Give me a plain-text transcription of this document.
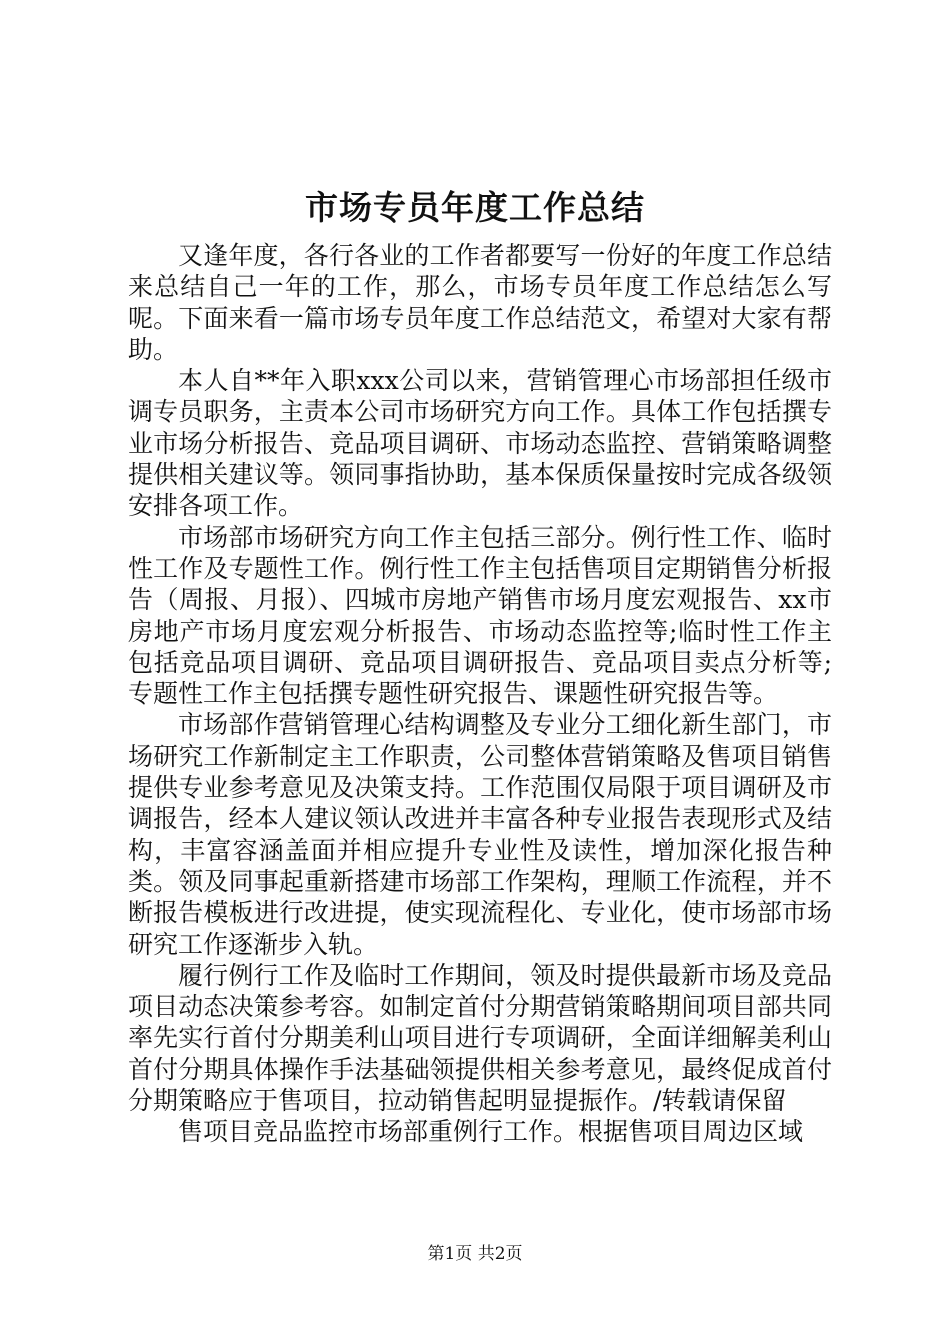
市场专员年度工作总结

又逢年度，各行各业的工作者都要写一份好的年度工作总结来总结自己一年的工作，那么，市场专员年度工作总结怎么写呢。下面来看一篇市场专员年度工作总结范文，希望对大家有帮助。

本人自**年入职xxx公司以来，营销管理心市场部担任级市调专员职务，主责本公司市场研究方向工作。具体工作包括撰专业市场分析报告、竞品项目调研、市场动态监控、营销策略调整提供相关建议等。领同事指协助，基本保质保量按时完成各级领安排各项工作。

市场部市场研究方向工作主包括三部分。例行性工作、临时性工作及专题性工作。例行性工作主包括售项目定期销售分析报告（周报、月报）、四城市房地产销售市场月度宏观报告、xx市房地产市场月度宏观分析报告、市场动态监控等;临时性工作主包括竞品项目调研、竞品项目调研报告、竞品项目卖点分析等;专题性工作主包括撰专题性研究报告、课题性研究报告等。

市场部作营销管理心结构调整及专业分工细化新生部门，市场研究工作新制定主工作职责，公司整体营销策略及售项目销售提供专业参考意见及决策支持。工作范围仅局限于项目调研及市调报告，经本人建议领认改进并丰富各种专业报告表现形式及结构，丰富容涵盖面并相应提升专业性及读性，增加深化报告种类。领及同事起重新搭建市场部工作架构，理顺工作流程，并不断报告模板进行改进提，使实现流程化、专业化，使市场部市场研究工作逐渐步入轨。

履行例行工作及临时工作期间，领及时提供最新市场及竞品项目动态决策参考容。如制定首付分期营销策略期间项目部共同率先实行首付分期美利山项目进行专项调研，全面详细解美利山首付分期具体操作手法基础领提供相关参考意见，最终促成首付分期策略应于售项目，拉动销售起明显提振作。/转载请保留

售项目竞品监控市场部重例行工作。根据售项目周边区域

第1页 共2页
